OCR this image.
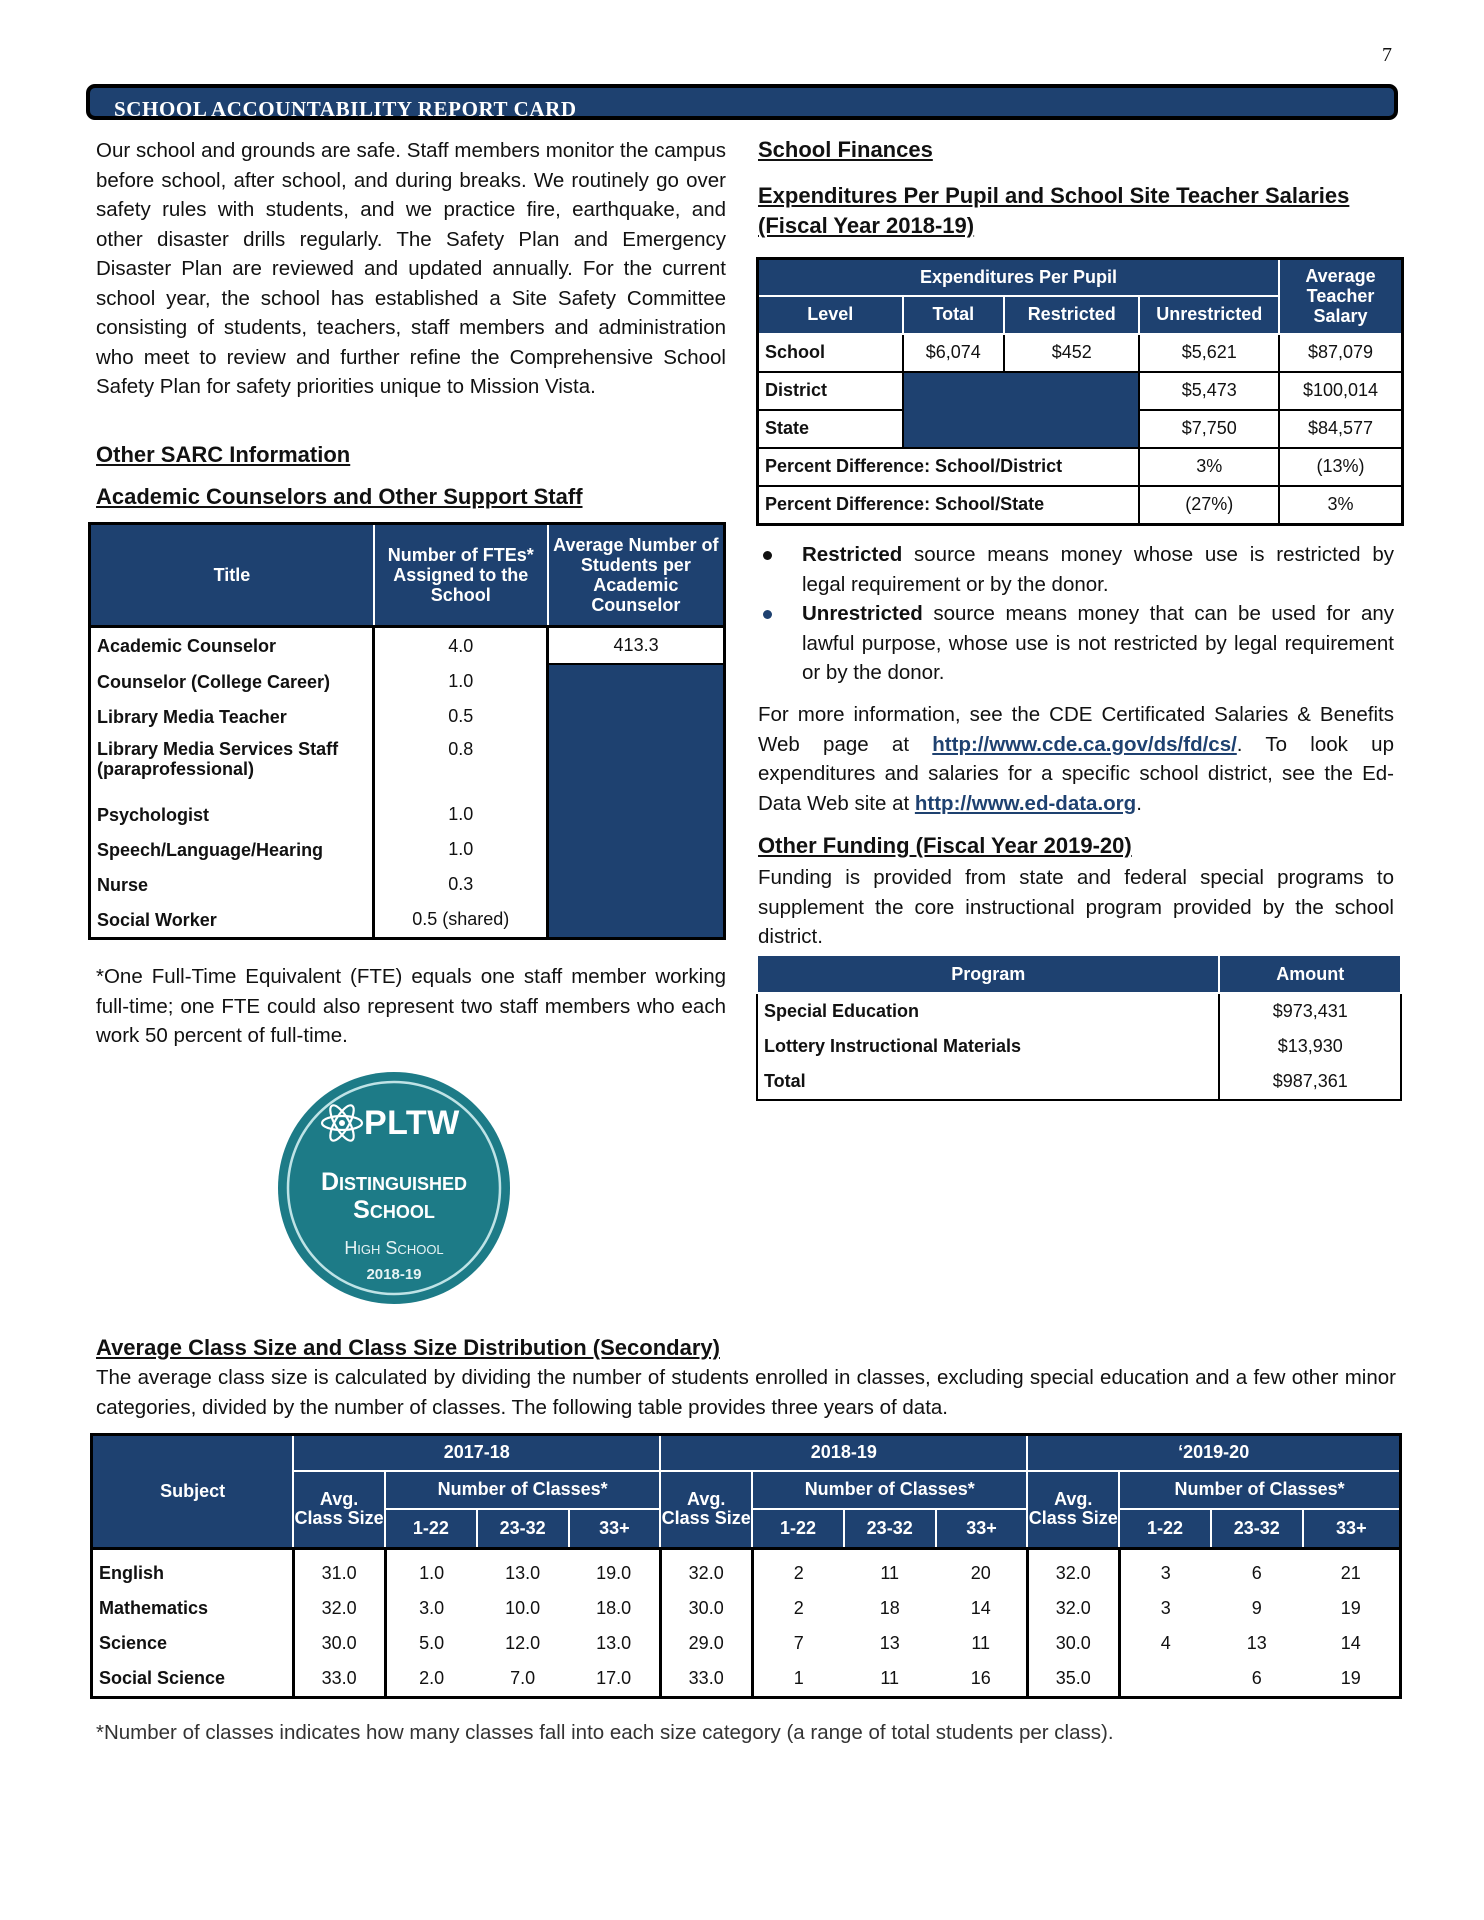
7
SCHOOL ACCOUNTABILITY REPORT CARD
Our school and grounds are safe. Staff members monitor the campus before school, after school, and during breaks. We routinely go over safety rules with students, and we practice fire, earthquake, and other disaster drills regularly. The Safety Plan and Emergency Disaster Plan are reviewed and updated annually. For the current school year, the school has established a Site Safety Committee consisting of students, teachers, staff members and administration who meet to review and further refine the Comprehensive School Safety Plan for safety priorities unique to Mission Vista.
Other SARC Information
Academic Counselors and Other Support Staff
Title	Number of FTEs* Assigned to the School	Average Number of Students per Academic Counselor
Academic Counselor	4.0	413.3
Counselor (College Career)	1.0	
Library Media Teacher	0.5	
Library Media Services Staff (paraprofessional)	0.8	
Psychologist	1.0	
Speech/Language/Hearing	1.0	
Nurse	0.3	
Social Worker	0.5 (shared)	
*One Full-Time Equivalent (FTE) equals one staff member working full-time; one FTE could also represent two staff members who each work 50 percent of full-time.
PLTW
Distinguished
School
High School
2018-19
School Finances
Expenditures Per Pupil and School Site Teacher Salaries (Fiscal Year 2018-19)
Expenditures Per Pupil				Average Teacher Salary
Level	Total	Restricted	Unrestricted	
School	$6,074	$452	$5,621	$87,079
District			$5,473	$100,014
State			$7,750	$84,577
Percent Difference: School/District			3%	(13%)
Percent Difference: School/State			(27%)	3%
Restricted source means money whose use is restricted by legal requirement or by the donor.
Unrestricted source means money that can be used for any lawful purpose, whose use is not restricted by legal requirement or by the donor.
For more information, see the CDE Certificated Salaries & Benefits Web page at http://www.cde.ca.gov/ds/fd/cs/. To look up expenditures and salaries for a specific school district, see the Ed-Data Web site at http://www.ed-data.org.
Other Funding (Fiscal Year 2019-20)
Funding is provided from state and federal special programs to supplement the core instructional program provided by the school district.
Program	Amount
Special Education	$973,431
Lottery Instructional Materials	$13,930
Total	$987,361
Average Class Size and Class Size Distribution (Secondary)
The average class size is calculated by dividing the number of students enrolled in classes, excluding special education and a few other minor categories, divided by the number of classes. The following table provides three years of data.
Subject	2017-18				2018-19				‘2019-20			
	Avg. Class Size	Number of Classes*			Avg. Class Size	Number of Classes*			Avg. Class Size	Number of Classes*		
		1-22	23-32	33+		1-22	23-32	33+		1-22	23-32	33+
English	31.0	1.0	13.0	19.0	32.0	2	11	20	32.0	3	6	21
Mathematics	32.0	3.0	10.0	18.0	30.0	2	18	14	32.0	3	9	19
Science	30.0	5.0	12.0	13.0	29.0	7	13	11	30.0	4	13	14
Social Science	33.0	2.0	7.0	17.0	33.0	1	11	16	35.0		6	19
*Number of classes indicates how many classes fall into each size category (a range of total students per class).
